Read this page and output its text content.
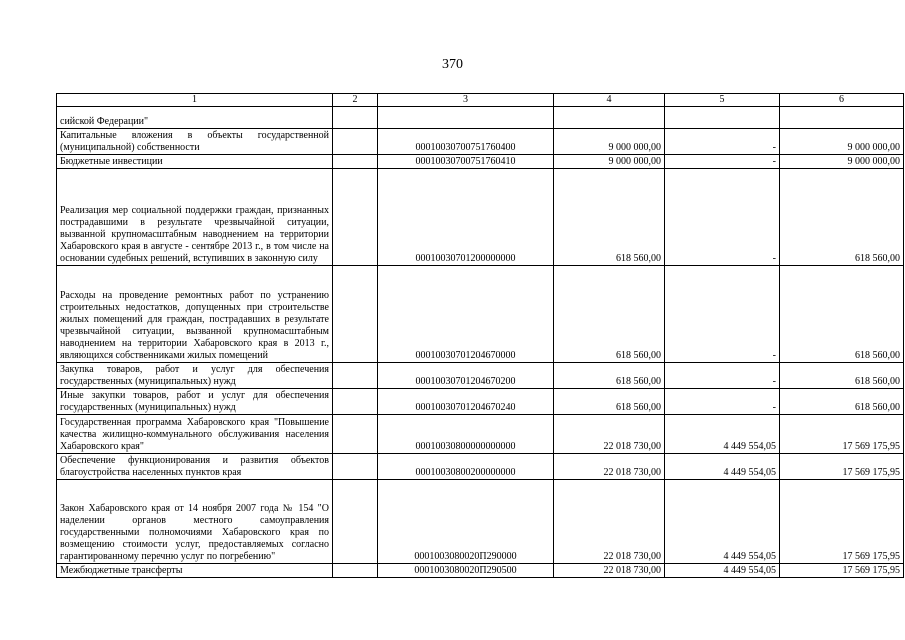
370
1	2	3	4	5	6
сийской Федерации"					
Капитальные вложения в объекты государственной (муниципальной) собственности		00010030700751760400	9 000 000,00	-	9 000 000,00
Бюджетные инвестиции		00010030700751760410	9 000 000,00	-	9 000 000,00
Реализация мер социальной поддержки граждан, признанных пострадавшими в результате чрезвычайной ситуации, вызванной крупномасштабным наводнением на территории Хабаровского края в августе - сентябре 2013 г., в том числе на основании судебных решений, вступивших в законную силу		00010030701200000000	618 560,00	-	618 560,00
Расходы на проведение ремонтных работ по устранению строительных недостатков, допущенных при строительстве жилых помещений для граждан, пострадавших в результате чрезвычайной ситуации, вызванной крупномасштабным наводнением на территории Хабаровского края в 2013 г., являющихся собственниками жилых помещений		00010030701204670000	618 560,00	-	618 560,00
Закупка товаров, работ и услуг для обеспечения государственных (муниципальных) нужд		00010030701204670200	618 560,00	-	618 560,00
Иные закупки товаров, работ и услуг для обеспечения государственных (муниципальных) нужд		00010030701204670240	618 560,00	-	618 560,00
Государственная программа Хабаровского края "Повышение качества жилищно-коммунального обслуживания населения Хабаровского края"		00010030800000000000	22 018 730,00	4 449 554,05	17 569 175,95
Обеспечение функционирования и развития объектов благоустройства населенных пунктов края		00010030800200000000	22 018 730,00	4 449 554,05	17 569 175,95
Закон Хабаровского края от 14 ноября 2007 года № 154 "О наделении органов местного самоуправления государственными полномочиями Хабаровского края по возмещению стоимости услуг, предоставляемых согласно гарантированному перечню услуг по погребению"		0001003080020П290000	22 018 730,00	4 449 554,05	17 569 175,95
Межбюджетные трансферты		0001003080020П290500	22 018 730,00	4 449 554,05	17 569 175,95
